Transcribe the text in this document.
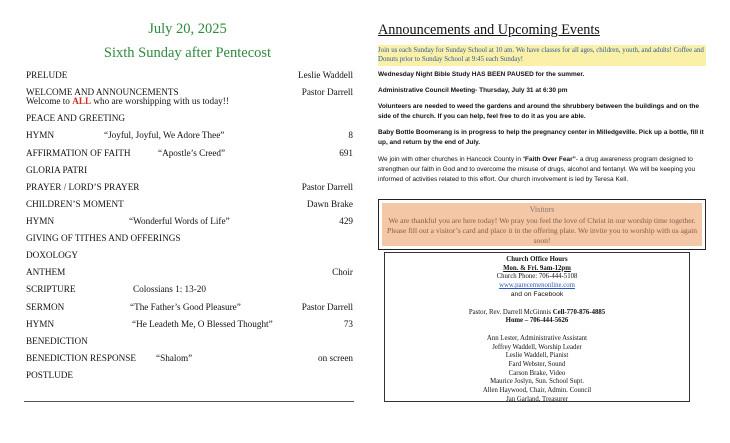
July 20, 2025
Sixth Sunday after Pentecost
PRELUDE	Leslie Waddell
WELCOME AND ANNOUNCEMENTS	Pastor Darrell
Welcome to ALL who are worshipping with us today!!
PEACE AND GREETING
HYMN	“Joyful, Joyful, We Adore Thee”	8
AFFIRMATION OF FAITH	“Apostle’s Creed”	691
GLORIA PATRI
PRAYER / LORD’S PRAYER	Pastor Darrell
CHILDREN’S MOMENT	Dawn Brake
HYMN	“Wonderful Words of Life”	429
GIVING OF TITHES AND OFFERINGS
DOXOLOGY
ANTHEM	Choir
SCRIPTURE	Colossians 1: 13-20
SERMON	“The Father’s Good Pleasure”	Pastor Darrell
HYMN	“He Leadeth Me, O Blessed Thought”	73
BENEDICTION
BENEDICTION RESPONSE “Shalom”	on screen
POSTLUDE
Announcements and Upcoming Events
Join us each Sunday for Sunday School at 10 am. We have classes for all ages, children, youth, and adults! Coffee and Donuts prior to Sunday School at 9:45 each Sunday!
Wednesday Night Bible Study HAS BEEN PAUSED for the summer.
Administrative Council Meeting- Thursday, July 31 at 6:30 pm
Volunteers are needed to weed the gardens and around the shrubbery between the buildings and on the side of the church. If you can help, feel free to do it as you are able.
Baby Bottle Boomerang is in progress to help the pregnancy center in Milledgeville. Pick up a bottle, fill it up, and return by the end of July.
We join with other churches in Hancock County in “Faith Over Fear”- a drug awareness program designed to strengthen our faith in God and to overcome the misuse of drugs, alcohol and fentanyl. We will be keeping you informed of activities related to this effort. Our church involvement is led by Teresa Kell.
Visitors
We are thankful you are here today! We pray you feel the love of Christ in our worship time together. Please fill out a visitor’s card and place it in the offering plate. We invite you to worship with us again soon!
Church Office Hours
Mon. & Fri. 9am-12pm
Church Phone: 706-444-5108
www.parecemenonline.com
and on Facebook
Pastor, Rev. Darrell McGinnis Cell-770-876-4885
Home – 706-444-5626
Ann Lester, Administrative Assistant
Jeffrey Waddell, Worship Leader
Leslie Waddell, Pianist
Fard Webster, Sound
Carson Brake, Video
Maurice Joslyn, Sun. School Supt.
Allen Haywood, Chair, Admin. Council
Jan Garland, Treasurer
